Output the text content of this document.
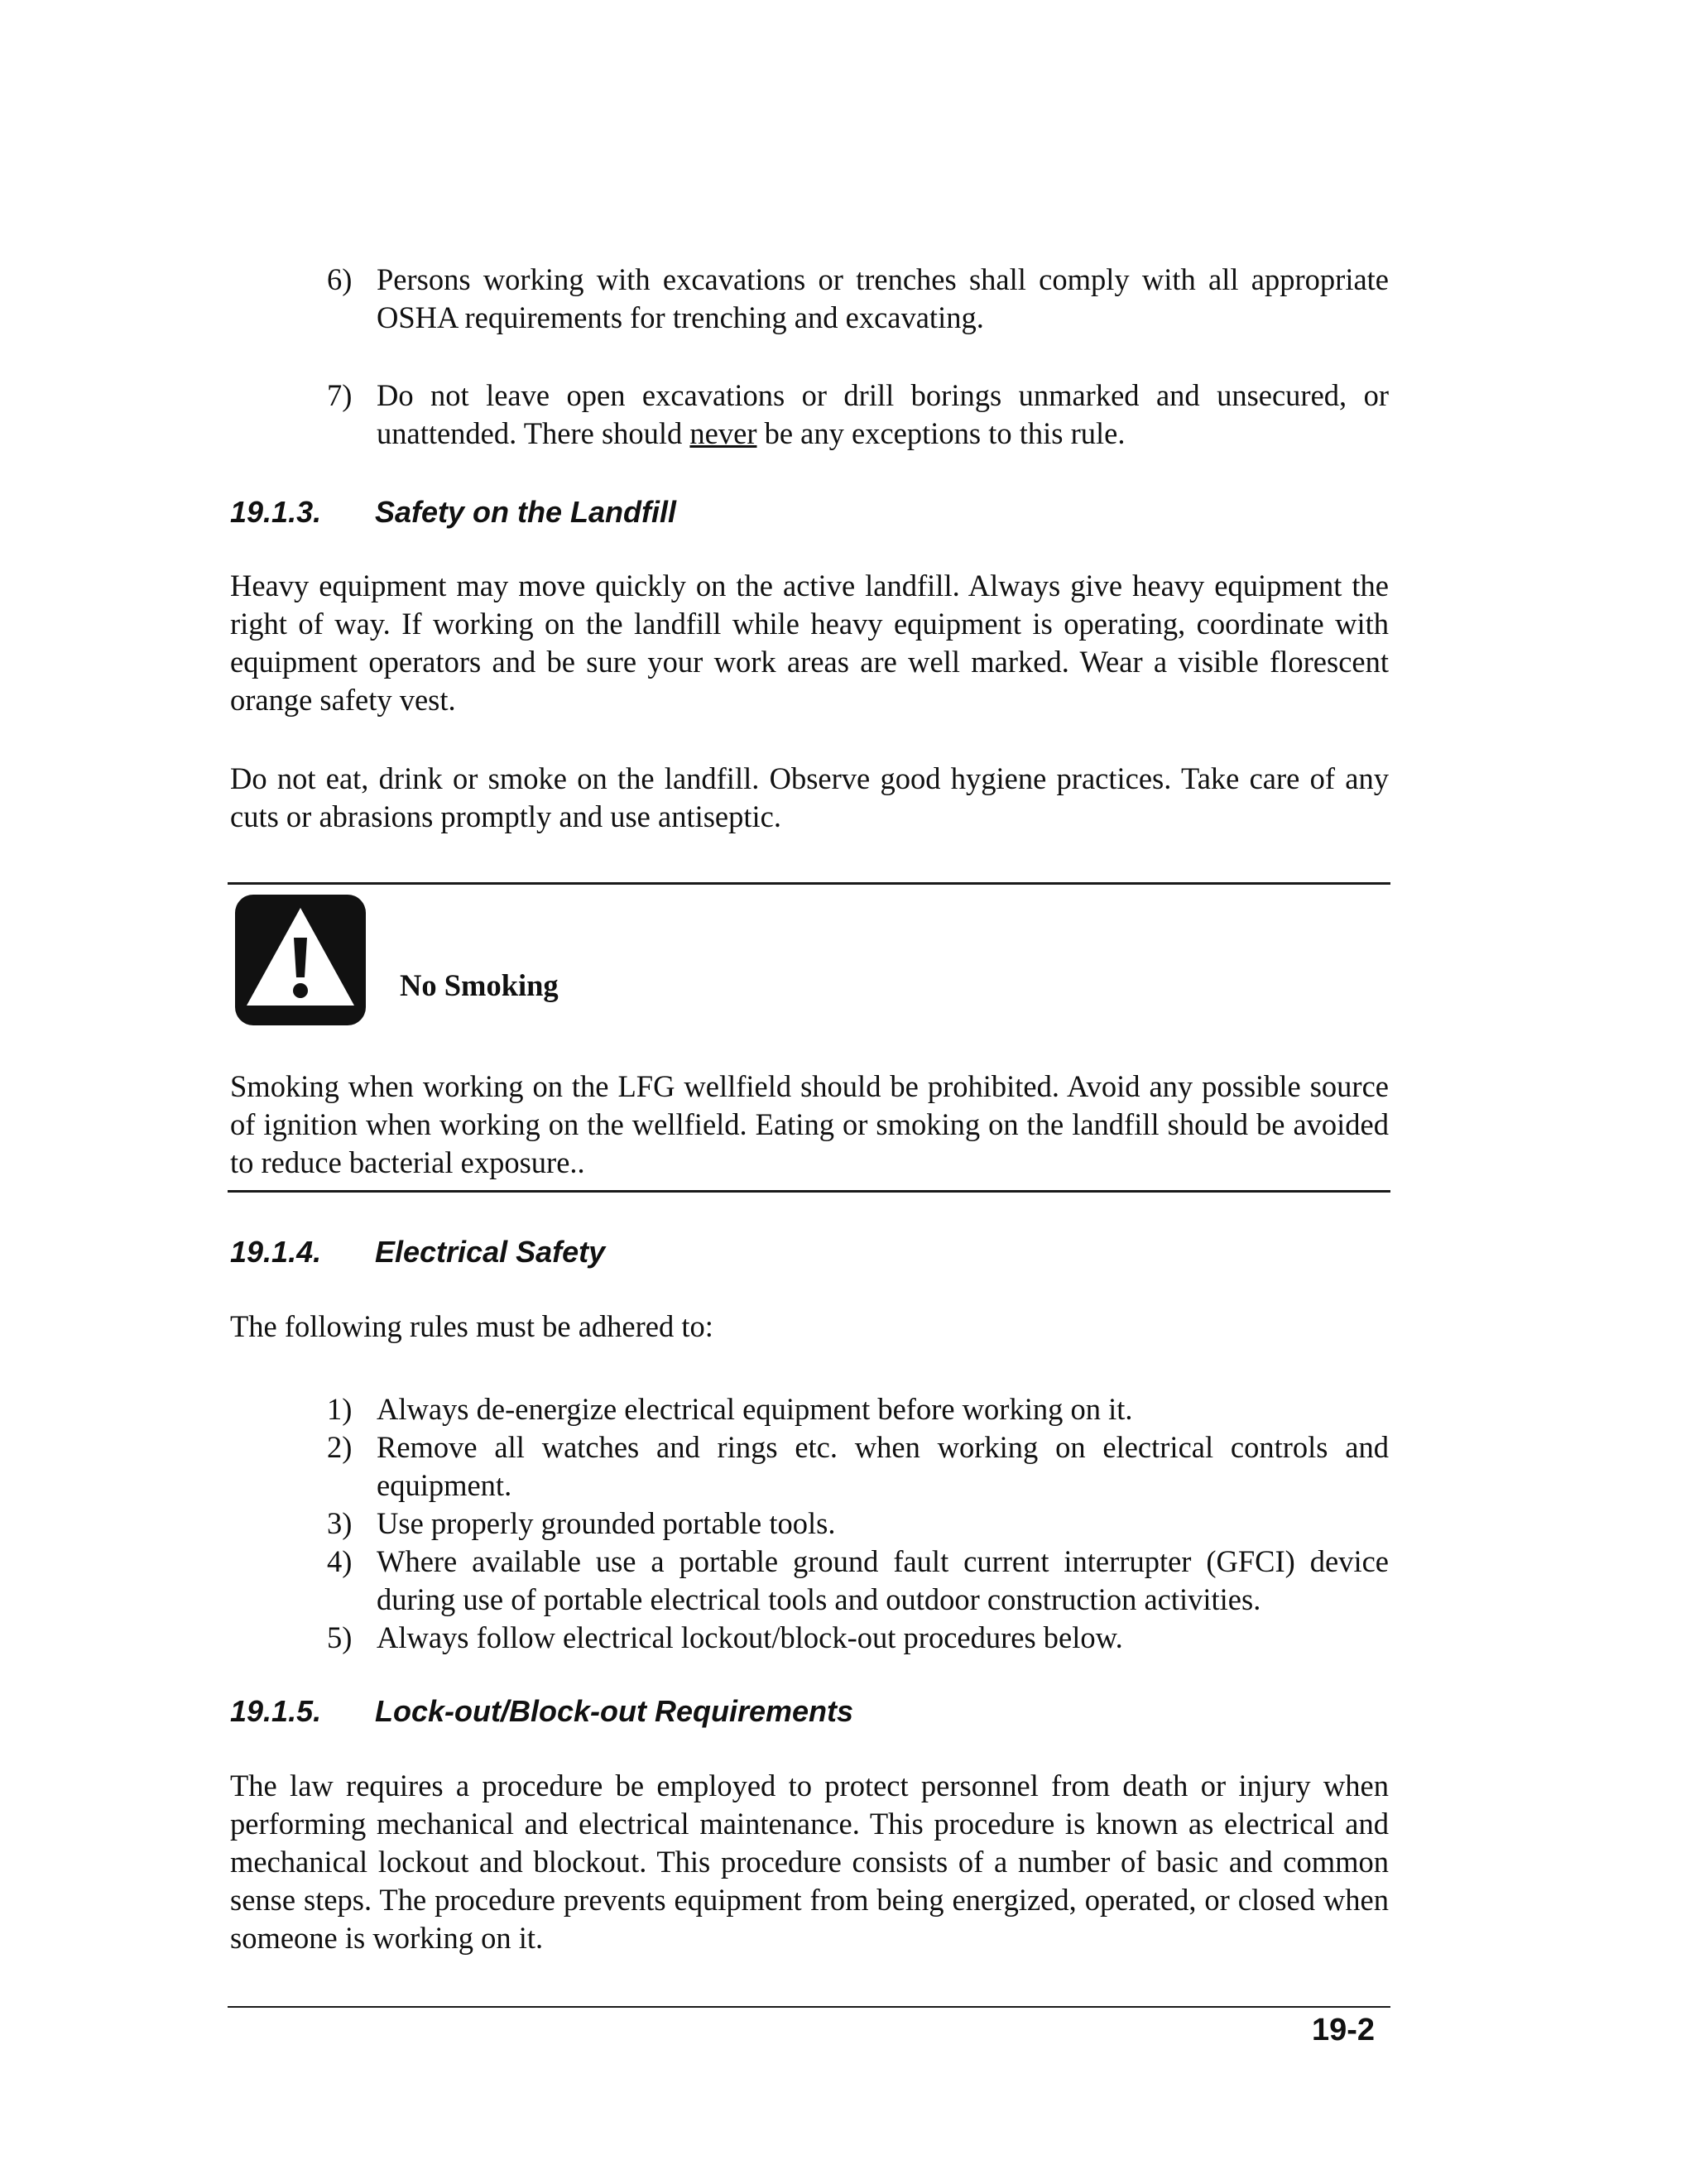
6) Persons working with excavations or trenches shall comply with all appropriate OSHA requirements for trenching and excavating.
7) Do not leave open excavations or drill borings unmarked and unsecured, or unattended. There should never be any exceptions to this rule.
19.1.3. Safety on the Landfill

Heavy equipment may move quickly on the active landfill. Always give heavy equipment the right of way. If working on the landfill while heavy equipment is operating, coordinate with equipment operators and be sure your work areas are well marked. Wear a visible florescent orange safety vest.

Do not eat, drink or smoke on the landfill. Observe good hygiene practices. Take care of any cuts or abrasions promptly and use antiseptic.

No Smoking

Smoking when working on the LFG wellfield should be prohibited. Avoid any possible source of ignition when working on the wellfield. Eating or smoking on the landfill should be avoided to reduce bacterial exposure..

19.1.4. Electrical Safety

The following rules must be adhered to:

1) Always de-energize electrical equipment before working on it.
2) Remove all watches and rings etc. when working on electrical controls and equipment.
3) Use properly grounded portable tools.
4) Where available use a portable ground fault current interrupter (GFCI) device during use of portable electrical tools and outdoor construction activities.
5) Always follow electrical lockout/block-out procedures below.
19.1.5. Lock-out/Block-out Requirements

The law requires a procedure be employed to protect personnel from death or injury when performing mechanical and electrical maintenance. This procedure is known as electrical and mechanical lockout and blockout. This procedure consists of a number of basic and common sense steps. The procedure prevents equipment from being energized, operated, or closed when someone is working on it.

19-2
